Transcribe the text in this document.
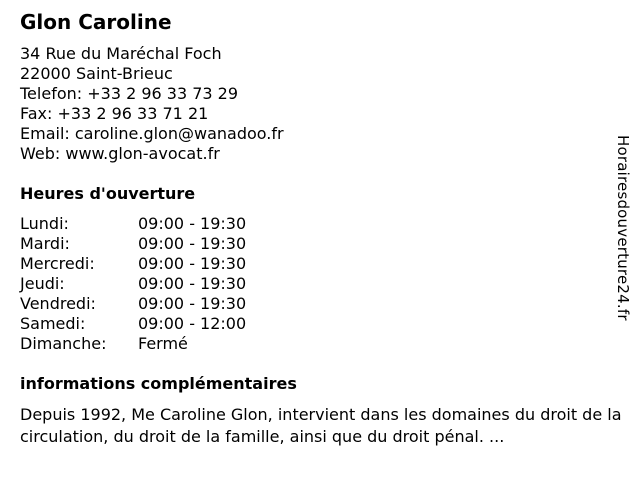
Glon Caroline
34 Rue du Maréchal Foch
22000 Saint-Brieuc
Telefon: +33 2 96 33 73 29
Fax: +33 2 96 33 71 21
Email: caroline.glon@wanadoo.fr
Web: www.glon-avocat.fr
Heures d'ouverture
Lundi:	09:00 - 19:30
Mardi:	09:00 - 19:30
Mercredi:	09:00 - 19:30
Jeudi:	09:00 - 19:30
Vendredi:	09:00 - 19:30
Samedi:	09:00 - 12:00
Dimanche:	Fermé
informations complémentaires
Depuis 1992, Me Caroline Glon, intervient dans les domaines du droit de la circulation, du droit de la famille, ainsi que du droit pénal. ...
Horairesdouverture24.fr
